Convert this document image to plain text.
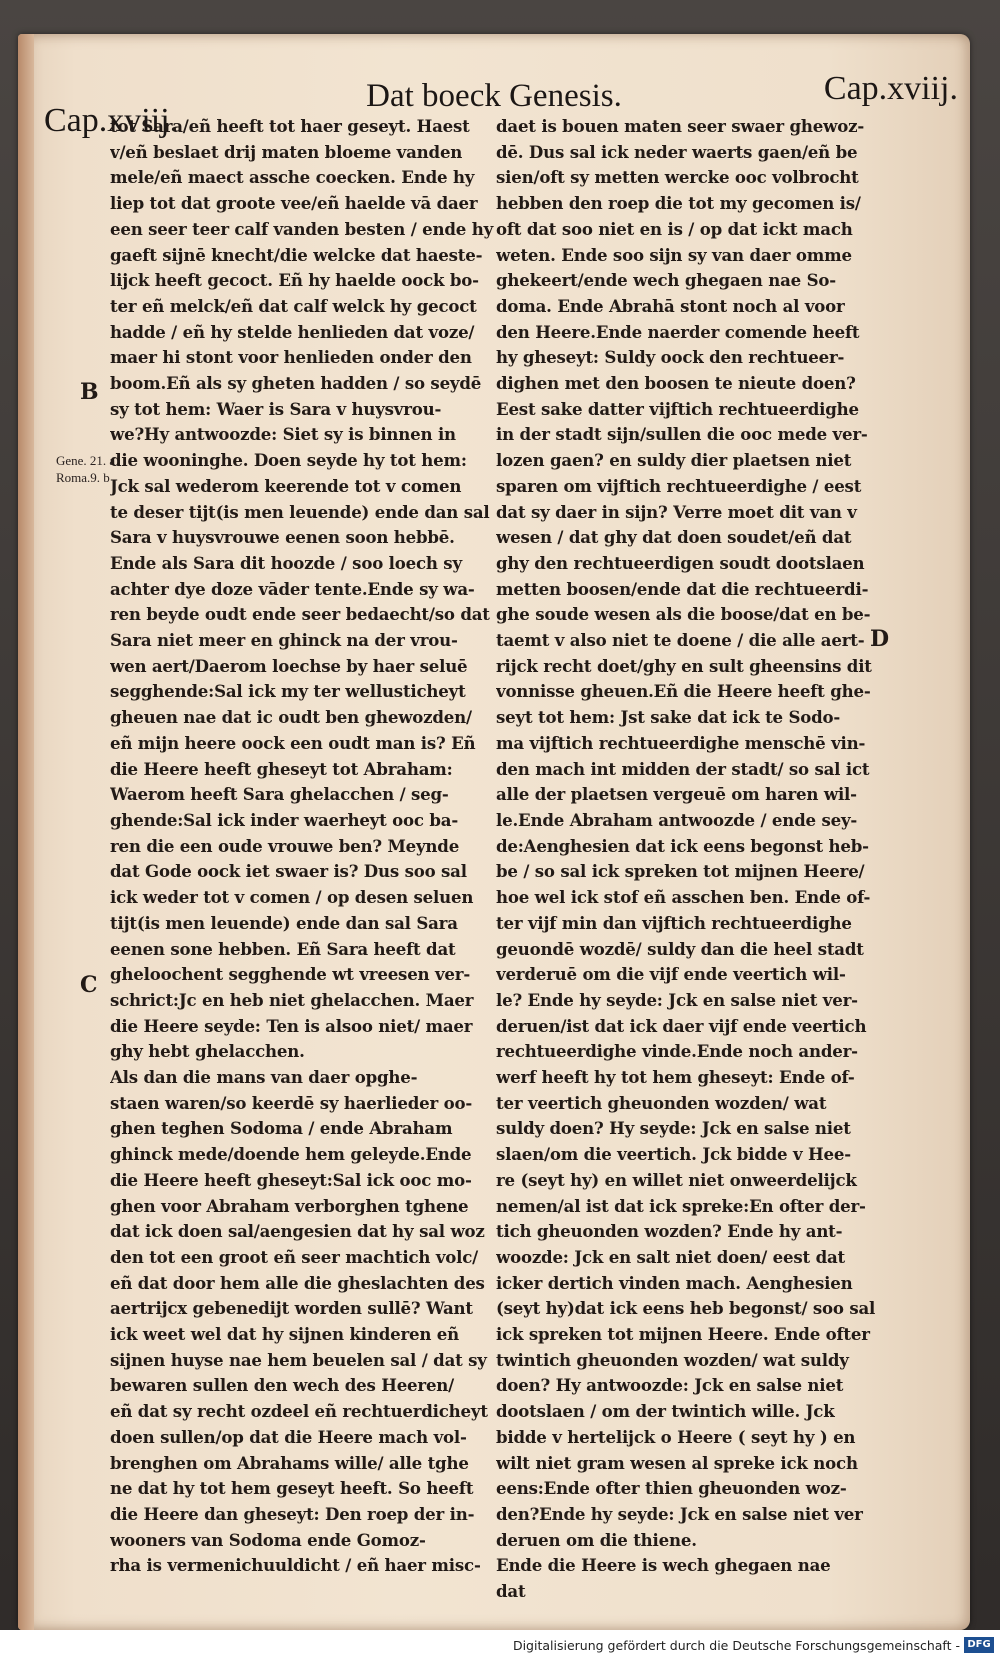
Dat boeck Genesis.
Cap.xviij.
Cap.xviij.
B
C
D
Gene. 21. a
Roma.9. b
tot Sara/eñ heeft tot haer geseyt. Haest
v/eñ beslaet drij maten bloeme vanden
mele/eñ maect assche coecken. Ende hy
liep tot dat groote vee/eñ haelde vā daer
een seer teer calf vanden besten / ende hy
gaeft sijnē knecht/die welcke dat haeste-
lijck heeft gecoct. Eñ hy haelde oock bo-
ter eñ melck/eñ dat calf welck hy gecoct
hadde / eñ hy stelde henlieden dat voze/
maer hi stont voor henlieden onder den
boom.Eñ als sy gheten hadden / so seydē
sy tot hem: Waer is Sara v huysvrou-
we?Hy antwoozde: Siet sy is binnen in
die wooninghe. Doen seyde hy tot hem:
Jck sal wederom keerende tot v comen
te deser tijt(is men leuende) ende dan sal
Sara v huysvrouwe eenen soon hebbē.
Ende als Sara dit hoozde / soo loech sy
achter dye doze vāder tente.Ende sy wa-
ren beyde oudt ende seer bedaecht/so dat
Sara niet meer en ghinck na der vrou-
wen aert/Daerom loechse by haer seluē
segghende:Sal ick my ter wellusticheyt
gheuen nae dat ic oudt ben ghewozden/
eñ mijn heere oock een oudt man is? Eñ
die Heere heeft gheseyt tot Abraham:
Waerom heeft Sara ghelacchen / seg-
ghende:Sal ick inder waerheyt ooc ba-
ren die een oude vrouwe ben? Meynde
dat Gode oock iet swaer is? Dus soo sal
ick weder tot v comen / op desen seluen
tijt(is men leuende) ende dan sal Sara
eenen sone hebben. Eñ Sara heeft dat
gheloochent segghende wt vreesen ver-
schrict:Jc en heb niet ghelacchen. Maer
die Heere seyde: Ten is alsoo niet/ maer
ghy hebt ghelacchen.
Als dan die mans van daer opghe-
staen waren/so keerdē sy haerlieder oo-
ghen teghen Sodoma / ende Abraham
ghinck mede/doende hem geleyde.Ende
die Heere heeft gheseyt:Sal ick ooc mo-
ghen voor Abraham verborghen tghene
dat ick doen sal/aengesien dat hy sal woz
den tot een groot eñ seer machtich volc/
eñ dat door hem alle die gheslachten des
aertrijcx gebenedijt worden sullē? Want
ick weet wel dat hy sijnen kinderen eñ
sijnen huyse nae hem beuelen sal / dat sy
bewaren sullen den wech des Heeren/
eñ dat sy recht ozdeel eñ rechtuerdicheyt
doen sullen/op dat die Heere mach vol-
brenghen om Abrahams wille/ alle tghe
ne dat hy tot hem geseyt heeft. So heeft
die Heere dan gheseyt: Den roep der in-
wooners van Sodoma ende Gomoz-
rha is vermenichuuldicht / eñ haer misc-
daet is bouen maten seer swaer ghewoz-
dē. Dus sal ick neder waerts gaen/eñ be
sien/oft sy metten wercke ooc volbrocht
hebben den roep die tot my gecomen is/
oft dat soo niet en is / op dat ickt mach
weten. Ende soo sijn sy van daer omme
ghekeert/ende wech ghegaen nae So-
doma. Ende Abrahā stont noch al voor
den Heere.Ende naerder comende heeft
hy gheseyt: Suldy oock den rechtueer-
dighen met den boosen te nieute doen?
Eest sake datter vijftich rechtueerdighe
in der stadt sijn/sullen die ooc mede ver-
lozen gaen? en suldy dier plaetsen niet
sparen om vijftich rechtueerdighe / eest
dat sy daer in sijn? Verre moet dit van v
wesen / dat ghy dat doen soudet/eñ dat
ghy den rechtueerdigen soudt dootslaen
metten boosen/ende dat die rechtueerdi-
ghe soude wesen als die boose/dat en be-
taemt v also niet te doene / die alle aert-
rijck recht doet/ghy en sult gheensins dit
vonnisse gheuen.Eñ die Heere heeft ghe-
seyt tot hem: Jst sake dat ick te Sodo-
ma vijftich rechtueerdighe menschē vin-
den mach int midden der stadt/ so sal ict
alle der plaetsen vergeuē om haren wil-
le.Ende Abraham antwoozde / ende sey-
de:Aenghesien dat ick eens begonst heb-
be / so sal ick spreken tot mijnen Heere/
hoe wel ick stof eñ asschen ben. Ende of-
ter vijf min dan vijftich rechtueerdighe
geuondē wozdē/ suldy dan die heel stadt
verderuē om die vijf ende veertich wil-
le? Ende hy seyde: Jck en salse niet ver-
deruen/ist dat ick daer vijf ende veertich
rechtueerdighe vinde.Ende noch ander-
werf heeft hy tot hem gheseyt: Ende of-
ter veertich gheuonden wozden/ wat
suldy doen? Hy seyde: Jck en salse niet
slaen/om die veertich. Jck bidde v Hee-
re (seyt hy) en willet niet onweerdelijck
nemen/al ist dat ick spreke:En ofter der-
tich gheuonden wozden? Ende hy ant-
woozde: Jck en salt niet doen/ eest dat
icker dertich vinden mach. Aenghesien
(seyt hy)dat ick eens heb begonst/ soo sal
ick spreken tot mijnen Heere. Ende ofter
twintich gheuonden wozden/ wat suldy
doen? Hy antwoozde: Jck en salse niet
dootslaen / om der twintich wille. Jck
bidde v hertelijck o Heere ( seyt hy ) en
wilt niet gram wesen al spreke ick noch
eens:Ende ofter thien gheuonden woz-
den?Ende hy seyde: Jck en salse niet ver
deruen om die thiene.
Ende die Heere is wech ghegaen nae
dat
Digitalisierung gefördert durch die Deutsche Forschungsgemeinschaft - DFG
